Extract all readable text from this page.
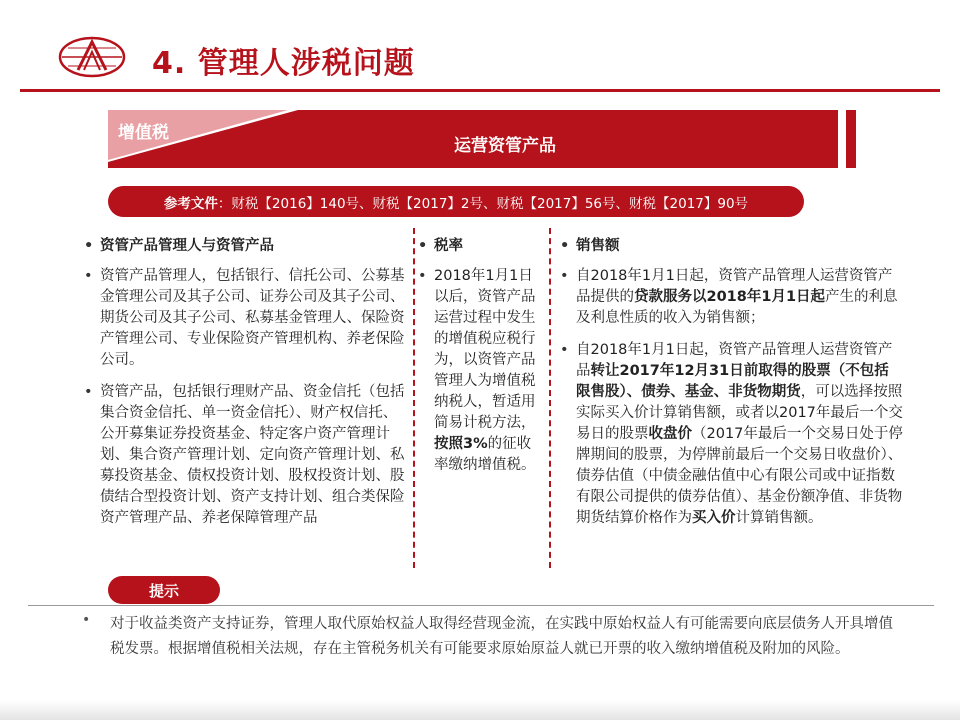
4. 管理人涉税问题
增值税
运营资管产品
参考文件 ： 财税【2016】140号、财税【2017】2号、财税【2017】56号、财税【2017】90号
• 资管产品管理人与资管产品
• 资管产品管理人，包括银行、信托公司、公募基金管理公司及其子公司、证券公司及其子公司、期货公司及其子公司、私募基金管理人、保险资产管理公司、专业保险资产管理机构、养老保险公司。
• 资管产品，包括银行理财产品、资金信托（包括集合资金信托、单一资金信托）、财产权信托、公开募集证券投资基金、特定客户资产管理计划、集合资产管理计划、定向资产管理计划、私募投资基金、债权投资计划、股权投资计划、股债结合型投资计划、资产支持计划、组合类保险资产管理产品、养老保障管理产品
• 税率
• 2018年1月1日以后，资管产品运营过程中发生的增值税应税行为，以资管产品管理人为增值税纳税人，暂适用简易计税方法，按照3%的征收率缴纳增值税。
• 销售额
• 自2018年1月1日起，资管产品管理人运营资管产品提供的贷款服务以2018年1月1日起产生的利息及利息性质的收入为销售额；
• 自2018年1月1日起，资管产品管理人运营资管产品转让2017年12月31日前取得的股票（不包括限售股）、债券、基金、非货物期货，可以选择按照实际买入价计算销售额，或者以2017年最后一个交易日的股票收盘价（2017年最后一个交易日处于停牌期间的股票，为停牌前最后一个交易日收盘价）、债券估值（中债金融估值中心有限公司或中证指数有限公司提供的债券估值）、基金份额净值、非货物期货结算价格作为买入价计算销售额。
提示
• 对于收益类资产支持证券，管理人取代原始权益人取得经营现金流，在实践中原始权益人有可能需要向底层债务人开具增值税发票。根据增值税相关法规，存在主管税务机关有可能要求原始原益人就已开票的收入缴纳增值税及附加的风险。
